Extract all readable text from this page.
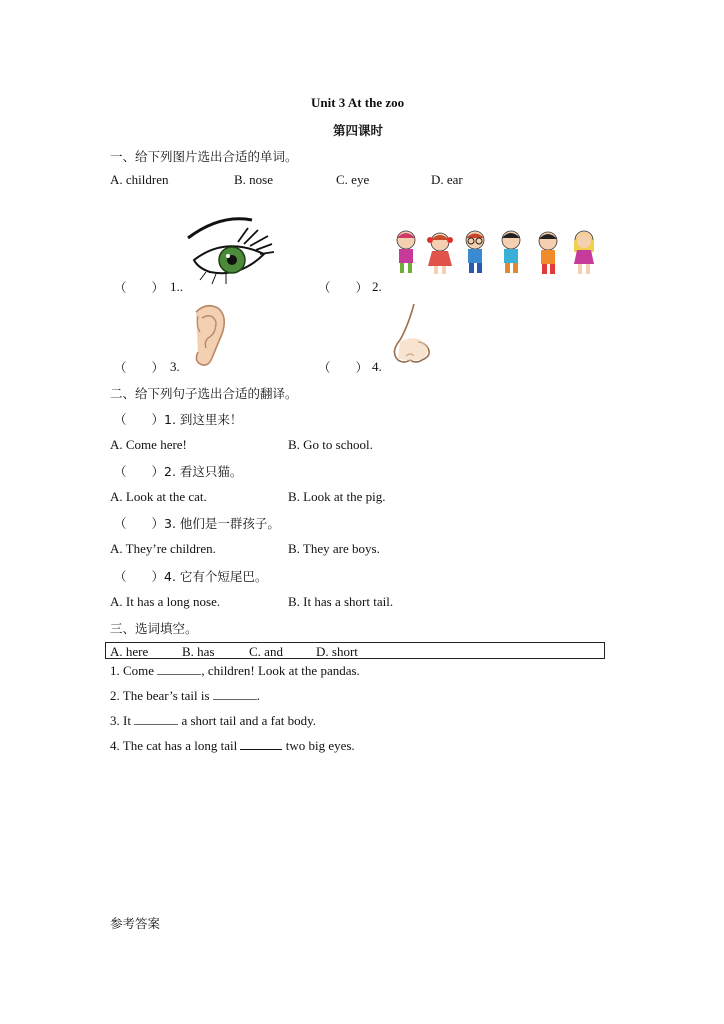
Unit 3 At the zoo
第四课时
一、给下列图片选出合适的单词。
A. children	B. nose	C. eye	D. ear
（　　） 1..	（　　） 2.
（　　） 3.	（　　） 4.
二、给下列句子选出合适的翻译。
（　　）1. 到这里来！
A. Come here!	B. Go to school.
（　　）2. 看这只猫。
A. Look at the cat.	B. Look at the pig.
（　　）3. 他们是一群孩子。
A. They’re children.	B. They are boys.
（　　）4. 它有个短尾巴。
A. It has a long nose.	B. It has a short tail.
三、选词填空。
A. here	B. has	C. and	D. short
1. Come	, children! Look at the pandas.
2. The bear’s tail is	.
3. It	a short tail and a fat body.
4. The cat has a long tail	two big eyes.
参考答案
